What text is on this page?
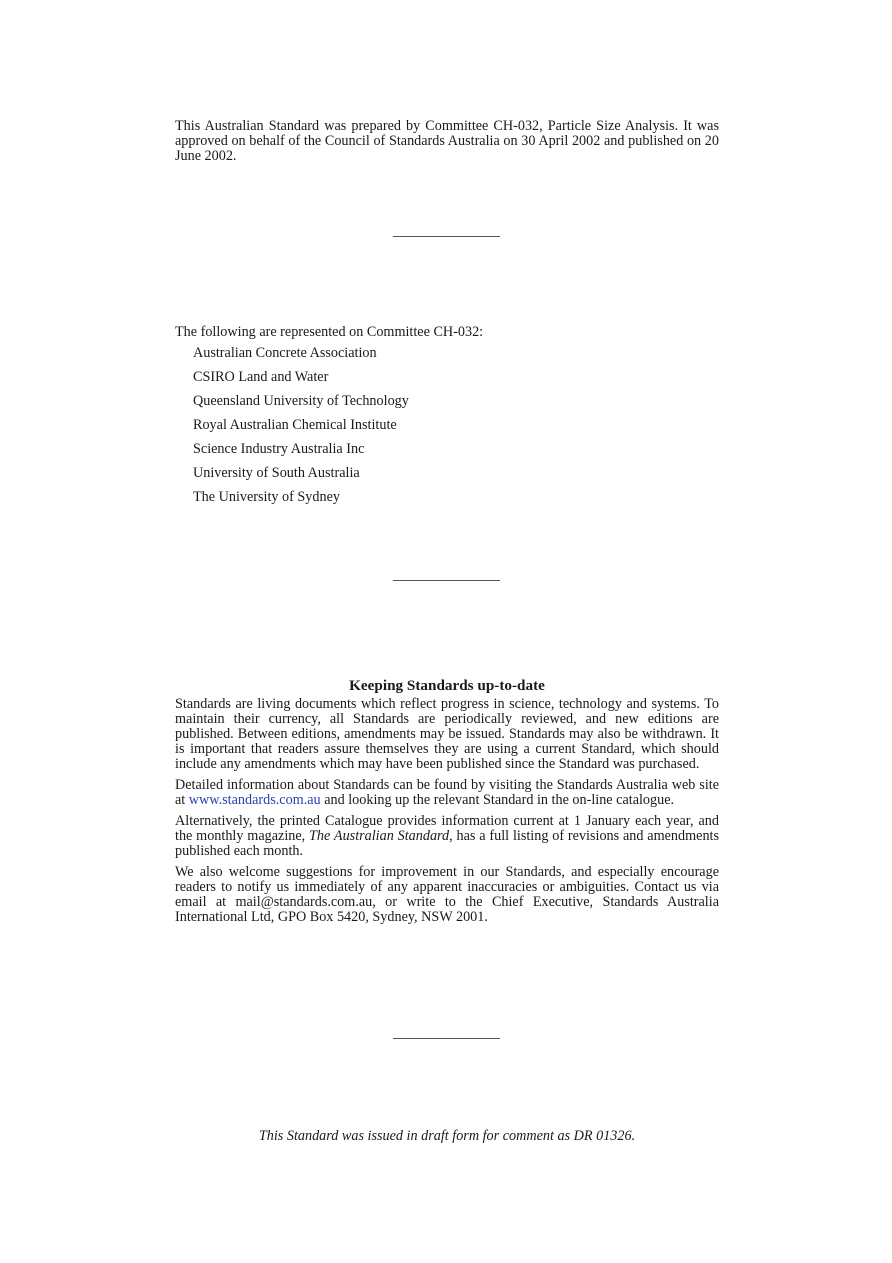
This Australian Standard was prepared by Committee CH-032, Particle Size Analysis. It was approved on behalf of the Council of Standards Australia on 30 April 2002 and published on 20 June 2002.

The following are represented on Committee CH-032:

Australian Concrete Association
CSIRO Land and Water
Queensland University of Technology
Royal Australian Chemical Institute
Science Industry Australia Inc
University of South Australia
The University of Sydney
Keeping Standards up-to-date

Standards are living documents which reflect progress in science, technology and systems. To maintain their currency, all Standards are periodically reviewed, and new editions are published. Between editions, amendments may be issued. Standards may also be withdrawn. It is important that readers assure themselves they are using a current Standard, which should include any amendments which may have been published since the Standard was purchased.

Detailed information about Standards can be found by visiting the Standards Australia web site at www.standards.com.au and looking up the relevant Standard in the on-line catalogue.

Alternatively, the printed Catalogue provides information current at 1 January each year, and the monthly magazine, The Australian Standard, has a full listing of revisions and amendments published each month.

We also welcome suggestions for improvement in our Standards, and especially encourage readers to notify us immediately of any apparent inaccuracies or ambiguities. Contact us via email at mail@standards.com.au, or write to the Chief Executive, Standards Australia International Ltd, GPO Box 5420, Sydney, NSW 2001.

This Standard was issued in draft form for comment as DR 01326.
